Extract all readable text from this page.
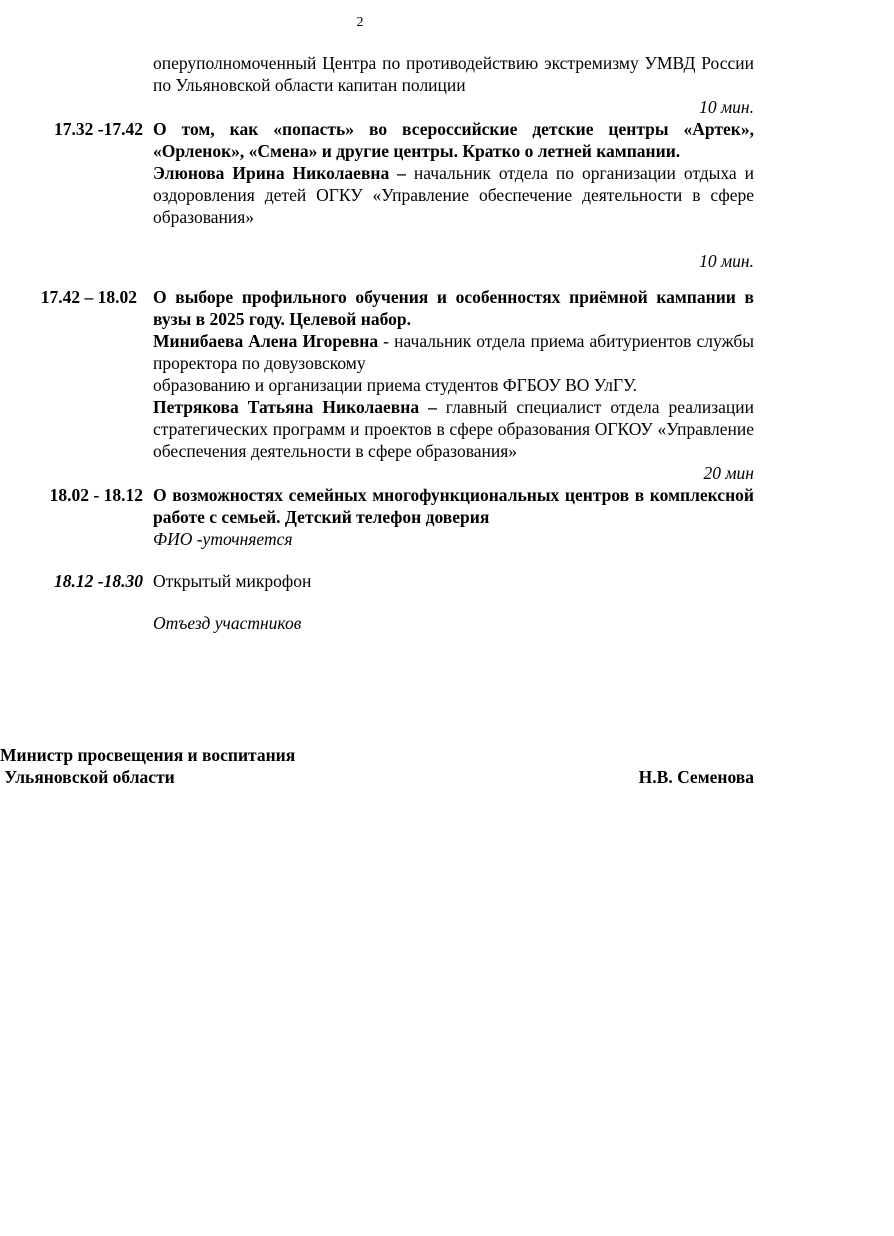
2
оперуполномоченный Центра по противодействию экстремизму УМВД России по Ульяновской области капитан полиции
10 мин.
17.32 -17.42 О том, как «попасть» во всероссийские детские центры «Артек», «Орленок», «Смена» и другие центры. Кратко о летней кампании.
Элюнова Ирина Николаевна – начальник отдела по организации отдыха и оздоровления детей ОГКУ «Управление обеспечение деятельности в сфере образования»
10 мин.
17.42 – 18.02 О выборе профильного обучения и особенностях приёмной кампании в вузы в 2025 году. Целевой набор.
Минибаева Алена Игоревна - начальник отдела приема абитуриентов службы проректора по довузовскому
образованию и организации приема студентов ФГБОУ ВО УлГУ.
Петрякова Татьяна Николаевна – главный специалист отдела реализации стратегических программ и проектов в сфере образования ОГКОУ «Управление обеспечения деятельности в сфере образования»
20 мин
18.02 - 18.12 О возможностях семейных многофункциональных центров в комплексной работе с семьей. Детский телефон доверия
ФИО -уточняется
18.12 -18.30 Открытый микрофон
Отъезд участников
Министр просвещения и воспитания
Ульяновской области	Н.В. Семенова
